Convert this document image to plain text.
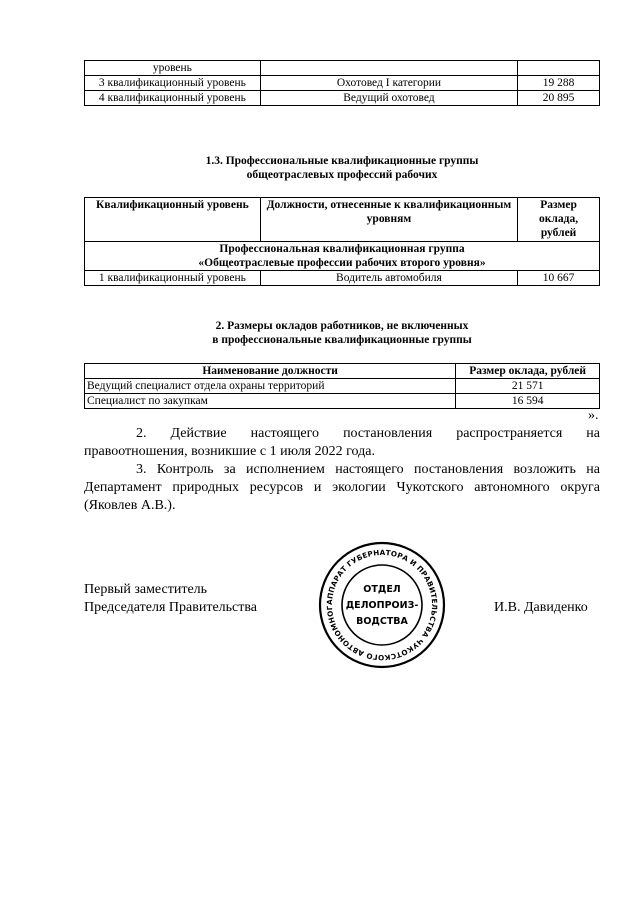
уровень		
3 квалификационный уровень	Охотовед I категории	19 288
4 квалификационный уровень	Ведущий охотовед	20 895
1.3. Профессиональные квалификационные группы
общеотраслевых профессий рабочих
Квалификационный уровень	Должности, отнесенные к квалификационным уровням	Размер оклада, рублей

Профессиональная квалификационная группа
«Общеотраслевые профессии рабочих второго уровня»		

1 квалификационный уровень	Водитель автомобиля	10 667
2. Размеры окладов работников, не включенных
в профессиональные квалификационные группы
Наименование должности	Размер оклада, рублей
Ведущий специалист отдела охраны территорий	21 571
Специалист по закупкам	16 594
».
2. Действие настоящего постановления распространяется на правоотношения, возникшие с 1 июля 2022 года.
3. Контроль за исполнением настоящего постановления возложить на Департамент природных ресурсов и экологии Чукотского автономного округа (Яковлев А.В.).
Первый заместитель
Председателя Правительства	И.В. Давиденко
АППАРАТ ГУБЕРНАТОРА И ПРАВИТЕЛЬСТВА ЧУКОТСКОГО АВТОНОМНОГ
ОТДЕЛ
ДЕЛОПРОИЗ-
ВОДСТВА
